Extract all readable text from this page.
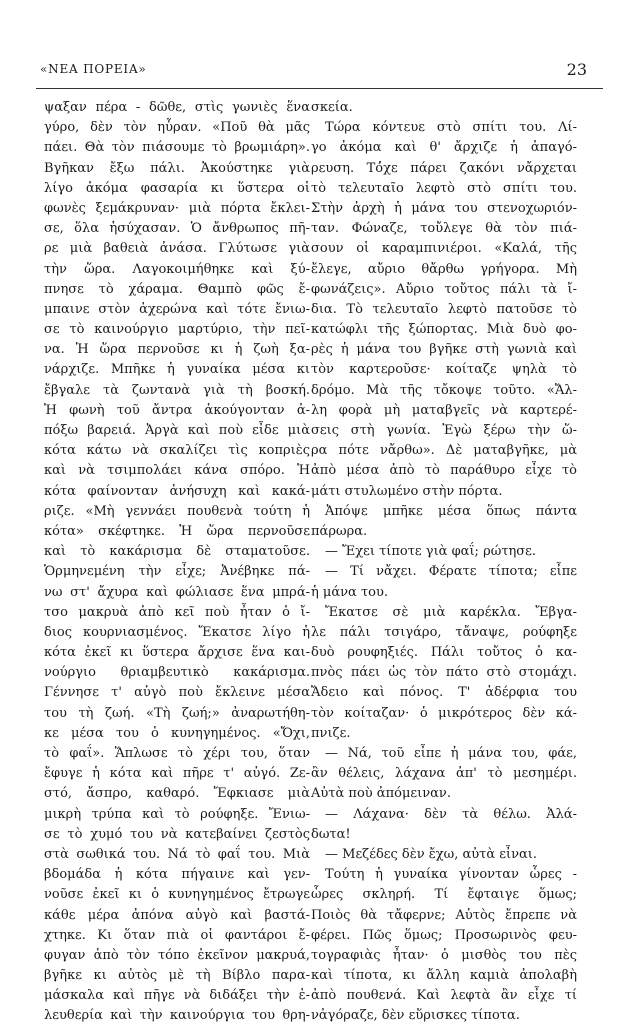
«ΝΕΑ ΠΟΡΕΙΑ»	23
ψαξαν πέρα - δῶθε, στὶς γωνιὲς ἕνα
γύρο, δὲν τὸν ηὗραν. «Ποῦ θὰ μᾶς
πάει. Θὰ τὸν πιάσουμε τὸ βρωμιάρη».
Βγῆκαν ἔξω πάλι. Ἀκούστηκε γιὰ
λίγο ἀκόμα φασαρία κι ὕστερα οἱ
φωνὲς ξεμάκρυναν· μιὰ πόρτα ἔκλει-
σε, ὅλα ἡσύχασαν. Ὁ ἄνθρωπος πῆ-
ρε μιὰ βαθειὰ ἀνάσα. Γλύτωσε γιὰ
τὴν ὥρα. Λαγοκοιμήθηκε καὶ ξύ-
πνησε τὸ χάραμα. Θαμπὸ φῶς ἔ-
μπαινε στὸν ἀχερώνα καὶ τότε ἔνιω-
σε τὸ καινούργιο μαρτύριο, τὴν πεῖ-
να. Ἡ ὥρα περνοῦσε κι ἡ ζωὴ ξα-
νάρχιζε. Μπῆκε ἡ γυναίκα μέσα κι
ἔβγαλε τὰ ζωντανὰ γιὰ τὴ βοσκή.
Ἡ φωνὴ τοῦ ἄντρα ἀκούγονταν ἀ-
πόξω βαρειά. Ἀργὰ καὶ ποὺ εἶδε μιὰ
κότα κάτω νὰ σκαλίζει τὶς κοπριὲς
καὶ νὰ τσιμπολάει κάνα σπόρο. Ἡ
κότα φαίνονταν ἀνήσυχη καὶ κακά-
ριζε. «Μὴ γεννάει πουθενὰ τούτη ἡ
κότα» σκέφτηκε. Ἡ ὥρα περνοῦσε
καὶ τὸ κακάρισμα δὲ σταματοῦσε.
Ὁρμηνεμένη τὴν εἶχε; Ἀνέβηκε πά-
νω στ' ἄχυρα καὶ φώλιασε ἕνα μπρά-
τσο μακρυὰ ἀπὸ κεῖ ποὺ ἦταν ὁ ἴ-
διος κουρνιασμένος. Ἔκατσε λίγο ἡ
κότα ἐκεῖ κι ὕστερα ἄρχισε ἕνα και-
νούργιο θριαμβευτικὸ κακάρισμα.
Γέννησε τ' αὐγὸ ποὺ ἔκλεινε μέσα
του τὴ ζωή. «Τὴ ζωή;» ἀναρωτήθη-
κε μέσα του ὁ κυνηγημένος. «Ὄχι,
τὸ φαΐ». Ἅπλωσε τὸ χέρι του, ὅταν
ἔφυγε ἡ κότα καὶ πῆρε τ' αὐγό. Ζε-
στό, ἄσπρο, καθαρό. Ἔφκιασε μιὰ
μικρὴ τρύπα καὶ τὸ ρούφηξε. Ἔνιω-
σε τὸ χυμό του νὰ κατεβαίνει ζεστὸς
στὰ σωθικά του. Νά τὸ φαΐ του. Μιὰ
βδομάδα ἡ κότα πήγαινε καὶ γεν-
νοῦσε ἐκεῖ κι ὁ κυνηγημένος ἔτρωγε
κάθε μέρα ἀπόνα αὐγὸ καὶ βαστά-
χτηκε. Κι ὅταν πιὰ οἱ φαντάροι ἔ-
φυγαν ἀπὸ τὸν τόπο ἐκεῖνον μακρυά,
βγῆκε κι αὐτὸς μὲ τὴ Βίβλο παρα-
μάσκαλα καὶ πῆγε νὰ διδάξει τὴν ἐ-
λευθερία καὶ τὴν καινούργια του θρη-
σκεία.
Τώρα κόντευε στὸ σπίτι του. Λί-
γο ἀκόμα καὶ θ' ἄρχιζε ἡ ἀπαγό-
ρευση. Τό̓χε πάρει ζακόνι νἄρχεται
τὸ τελευταῖο λεφτὸ στὸ σπίτι του.
Στὴν ἀρχὴ ἡ μάνα του στενοχωριόν-
ταν. Φώναζε, τοὔλεγε θὰ τὸν πιά-
σουν οἱ καραμπινιέροι. «Καλά, τῆς
ἔλεγε, αὔριο θἄρθω γρήγορα. Μὴ
φωνάζεις». Αὔριο τοὔτος πάλι τὰ ἴ-
δια. Τὸ τελευταῖο λεφτὸ πατοῦσε τὸ
κατώφλι τῆς ξώπορτας. Μιὰ δυὸ φο-
ρὲς ἡ μάνα του βγῆκε στὴ γωνιὰ καὶ
τὸν καρτεροῦσε· κοίταζε ψηλὰ τὸ
δρόμο. Μὰ τῆς τὄκοψε τοῦτο. «Ἄλ-
λη φορὰ μὴ ματαβγεῖς νὰ καρτερέ-
σεις στὴ γωνία. Ἐγὼ ξέρω τὴν ὥ-
ρα πότε νἄρθω». Δὲ ματαβγῆκε, μὰ
ἀπὸ μέσα ἀπὸ τὸ παράθυρο εἶχε τὸ
μάτι στυλωμένο στὴν πόρτα.
Ἀπόψε μπῆκε μέσα ὅπως πάντα
πάρωρα.
— Ἔχει τίποτε γιὰ φαΐ; ρώτησε.
— Τί νἄχει. Φέρατε τίποτα; εἶπε
ἡ μάνα του.
Ἔκατσε σὲ μιὰ καρέκλα. Ἔβγα-
λε πάλι τσιγάρο, τἄναψε, ρούφηξε
δυὸ ρουφηξιές. Πάλι τοὔτος ὁ κα-
πνὸς πάει ὡς τὸν πάτο στὸ στομάχι.
Ἄδειο καὶ πόνος. Τ' ἀδέρφια του
τὸν κοίταζαν· ὁ μικρότερος δὲν κά-
πνιζε.
— Νά, τοῦ εἶπε ἡ μάνα του, φάε,
ἂν θέλεις, λάχανα ἀπ' τὸ μεσημέρι.
Αὐτὰ ποὺ ἀπόμειναν.
— Λάχανα· δὲν τὰ θέλω. Ἀλά-
δωτα!
— Μεζέδες δὲν ἔχω, αὐτὰ εἶναι.
Τούτη ἡ γυναίκα γίνονταν ὧρες -
ὧρες σκληρή. Τί ἔφταιγε ὅμως;
Ποιὸς θὰ τἄφερνε; Αὐτὸς ἔπρεπε νὰ
φέρει. Πῶς ὅμως; Προσωρινὸς φευ-
τογραφιὰς ἦταν· ὁ μισθὸς του πὲς
καὶ τίποτα, κι ἄλλη καμιὰ ἀπολαβὴ
ἀπὸ πουθενά. Καὶ λεφτὰ ἂν εἶχε τί
νἀγόραζε, δὲν εὕρισκες τίποτα.
